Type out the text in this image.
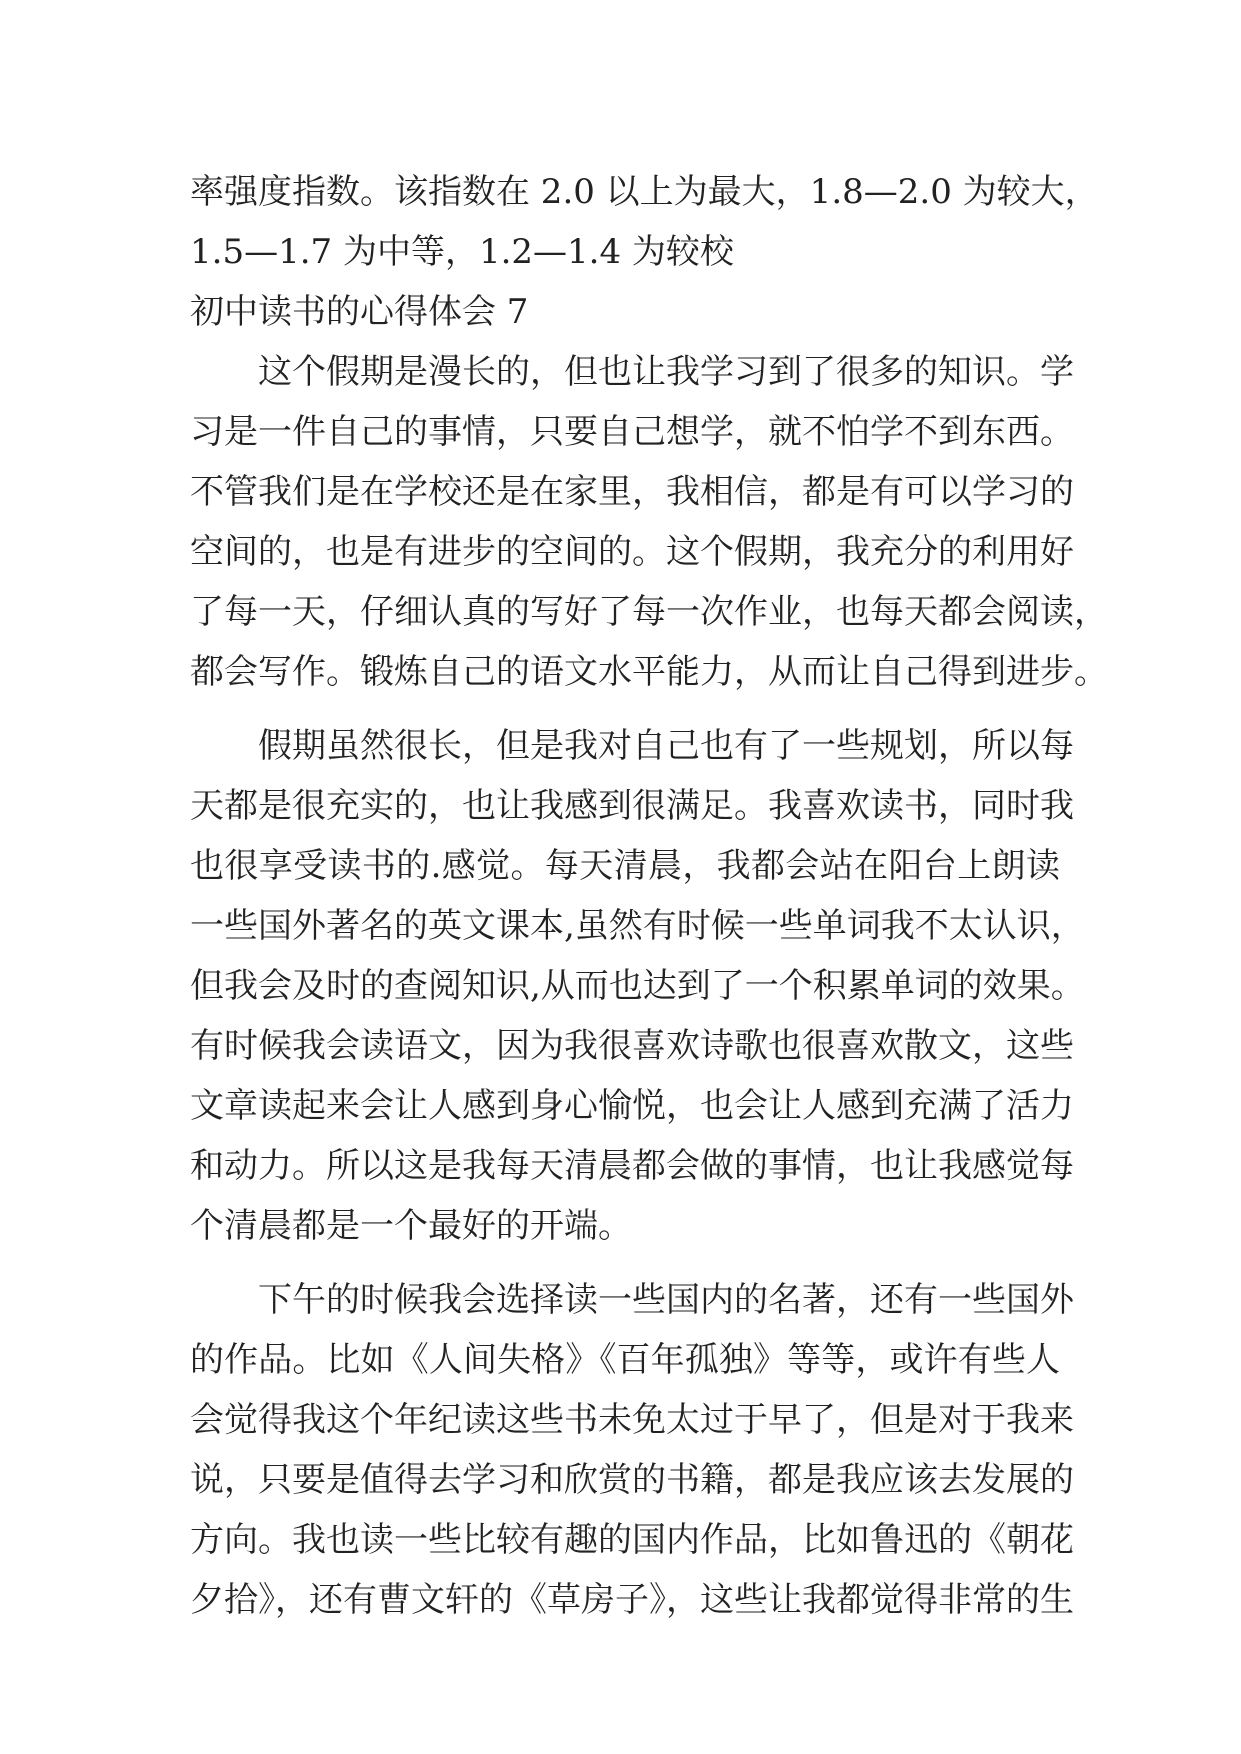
率强度指数。该指数在 2.0 以上为最大，1.8—2.0 为较大，
1.5—1.7 为中等，1.2—1.4 为较校
初中读书的心得体会 7
这个假期是漫长的，但也让我学习到了很多的知识。学
习是一件自己的事情，只要自己想学，就不怕学不到东西。
不管我们是在学校还是在家里，我相信，都是有可以学习的
空间的，也是有进步的空间的。这个假期，我充分的利用好
了每一天，仔细认真的写好了每一次作业，也每天都会阅读，
都会写作。锻炼自己的语文水平能力，从而让自己得到进步。
假期虽然很长，但是我对自己也有了一些规划，所以每
天都是很充实的，也让我感到很满足。我喜欢读书，同时我
也很享受读书的.感觉。每天清晨，我都会站在阳台上朗读
一些国外著名的英文课本,虽然有时候一些单词我不太认识，
但我会及时的查阅知识,从而也达到了一个积累单词的效果。
有时候我会读语文，因为我很喜欢诗歌也很喜欢散文，这些
文章读起来会让人感到身心愉悦，也会让人感到充满了活力
和动力。所以这是我每天清晨都会做的事情，也让我感觉每
个清晨都是一个最好的开端。
下午的时候我会选择读一些国内的名著，还有一些国外
的作品。比如《人间失格》《百年孤独》等等，或许有些人
会觉得我这个年纪读这些书未免太过于早了，但是对于我来
说，只要是值得去学习和欣赏的书籍，都是我应该去发展的
方向。我也读一些比较有趣的国内作品，比如鲁迅的《朝花
夕拾》，还有曹文轩的《草房子》，这些让我都觉得非常的生
